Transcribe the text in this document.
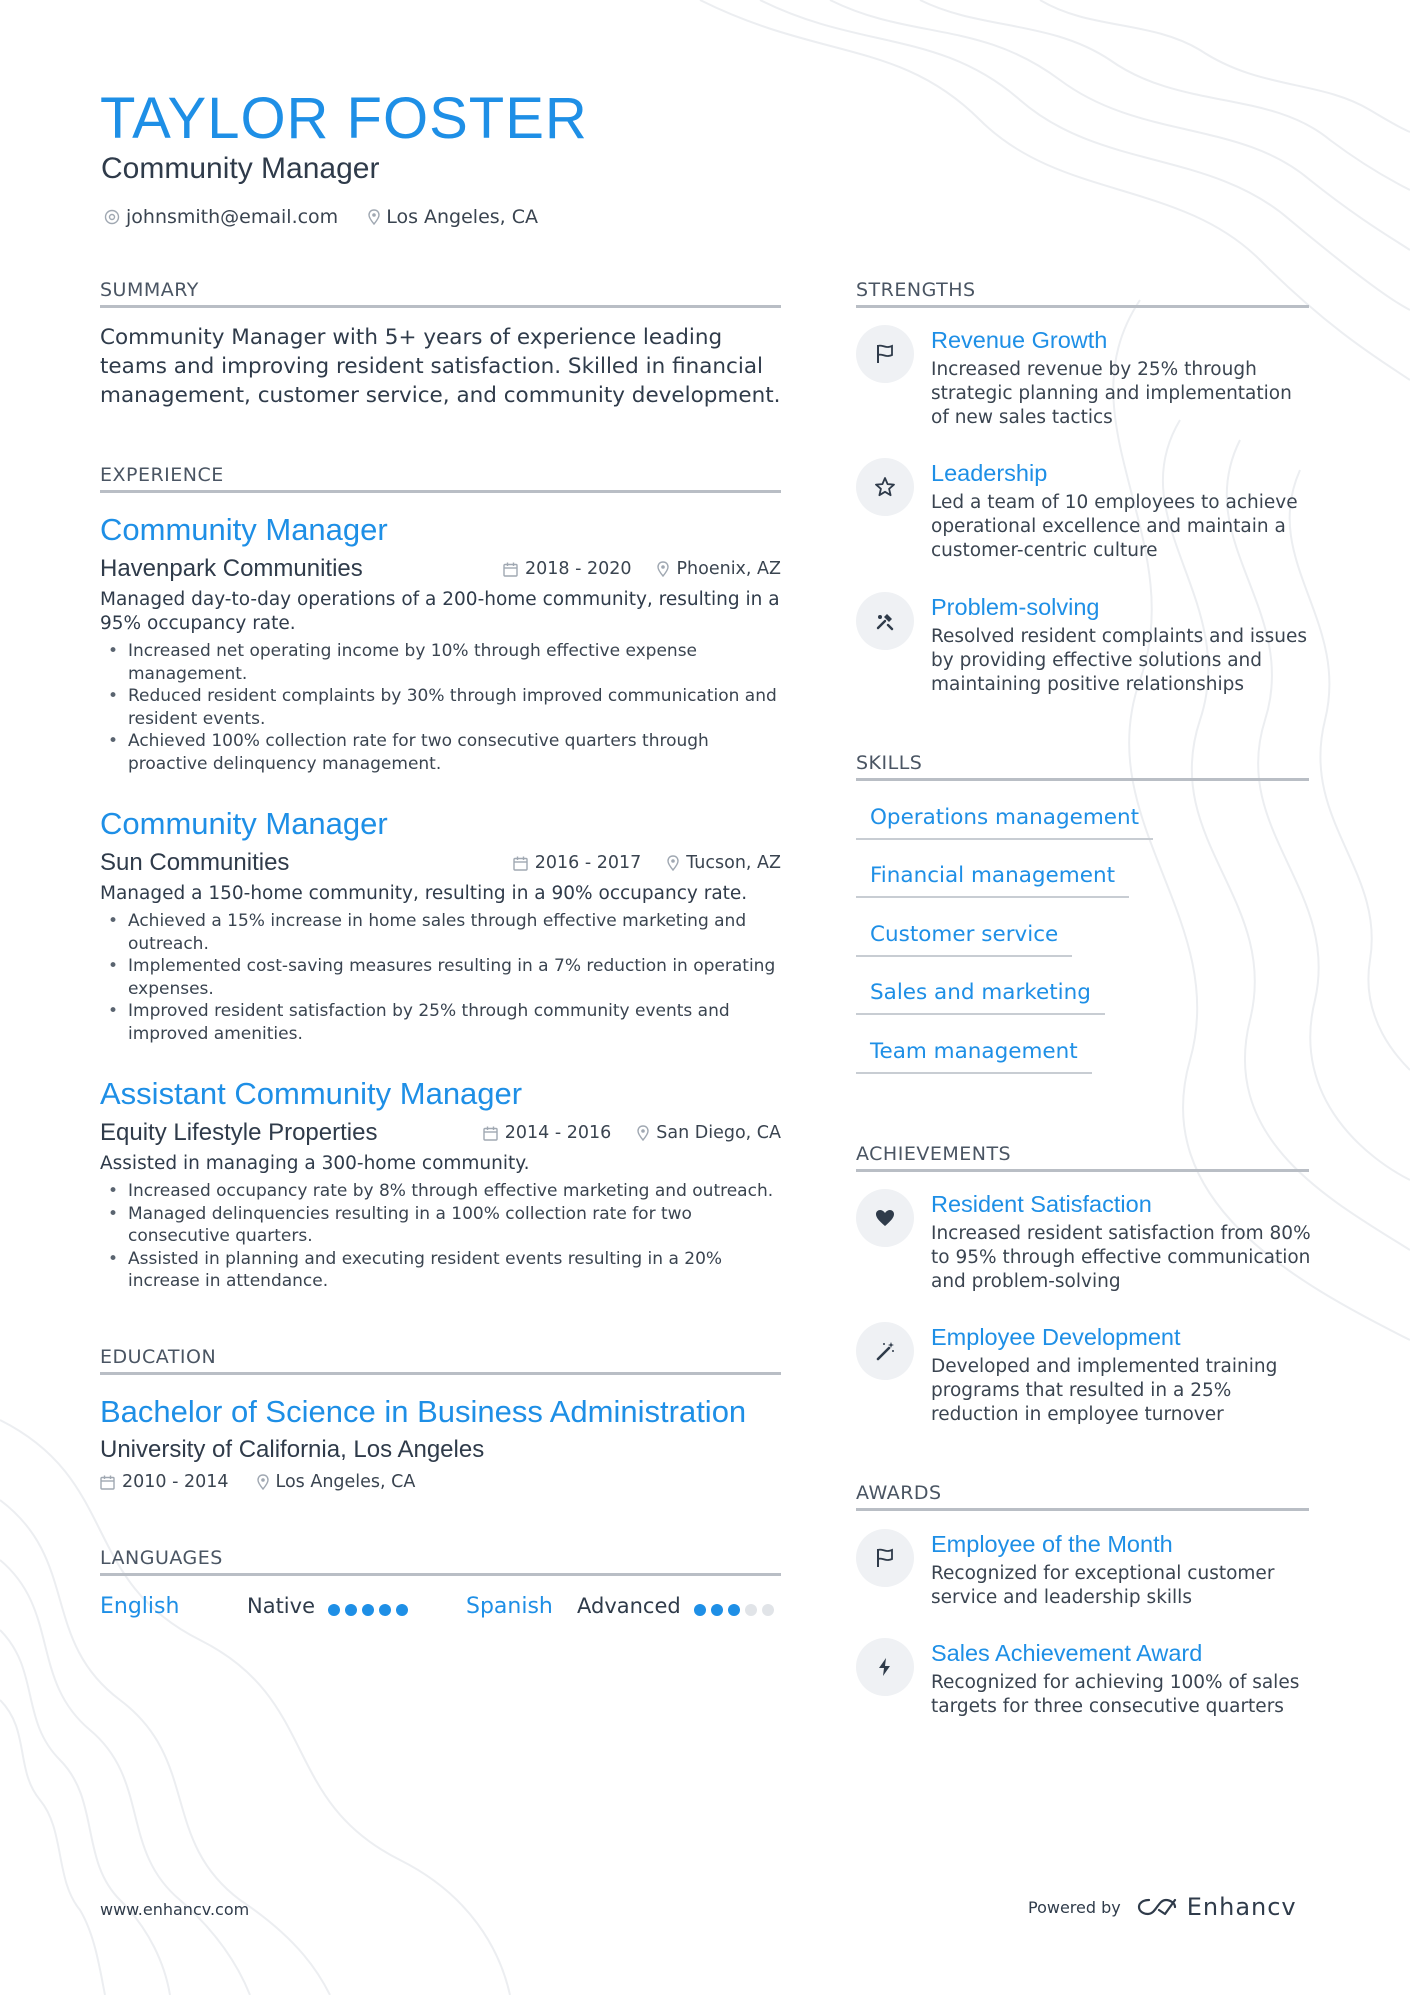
TAYLOR FOSTER
Community Manager
johnsmith@email.com	Los Angeles, CA
SUMMARY
Community Manager with 5+ years of experience leading teams and improving resident satisfaction. Skilled in financial management, customer service, and community development.
EXPERIENCE
Community Manager
Havenpark Communities	2018 - 2020	Phoenix, AZ
Managed day-to-day operations of a 200-home community, resulting in a 95% occupancy rate.
• Increased net operating income by 10% through effective expense management.
• Reduced resident complaints by 30% through improved communication and resident events.
• Achieved 100% collection rate for two consecutive quarters through proactive delinquency management.
Community Manager
Sun Communities	2016 - 2017	Tucson, AZ
Managed a 150-home community, resulting in a 90% occupancy rate.
• Achieved a 15% increase in home sales through effective marketing and outreach.
• Implemented cost-saving measures resulting in a 7% reduction in operating expenses.
• Improved resident satisfaction by 25% through community events and improved amenities.
Assistant Community Manager
Equity Lifestyle Properties	2014 - 2016	San Diego, CA
Assisted in managing a 300-home community.
• Increased occupancy rate by 8% through effective marketing and outreach.
• Managed delinquencies resulting in a 100% collection rate for two consecutive quarters.
• Assisted in planning and executing resident events resulting in a 20% increase in attendance.
EDUCATION
Bachelor of Science in Business Administration
University of California, Los Angeles
2010 - 2014	Los Angeles, CA
LANGUAGES
English	Native	Spanish Advanced
STRENGTHS
Revenue Growth
Increased revenue by 25% through strategic planning and implementation of new sales tactics
Leadership
Led a team of 10 employees to achieve operational excellence and maintain a customer-centric culture
Problem-solving
Resolved resident complaints and issues by providing effective solutions and maintaining positive relationships
SKILLS
Operations management
Financial management
Customer service
Sales and marketing
Team management
ACHIEVEMENTS
Resident Satisfaction
Increased resident satisfaction from 80% to 95% through effective communication and problem-solving
Employee Development
Developed and implemented training programs that resulted in a 25% reduction in employee turnover
AWARDS
Employee of the Month
Recognized for exceptional customer service and leadership skills
Sales Achievement Award
Recognized for achieving 100% of sales targets for three consecutive quarters
www.enhancv.com	Powered by	Enhancv
